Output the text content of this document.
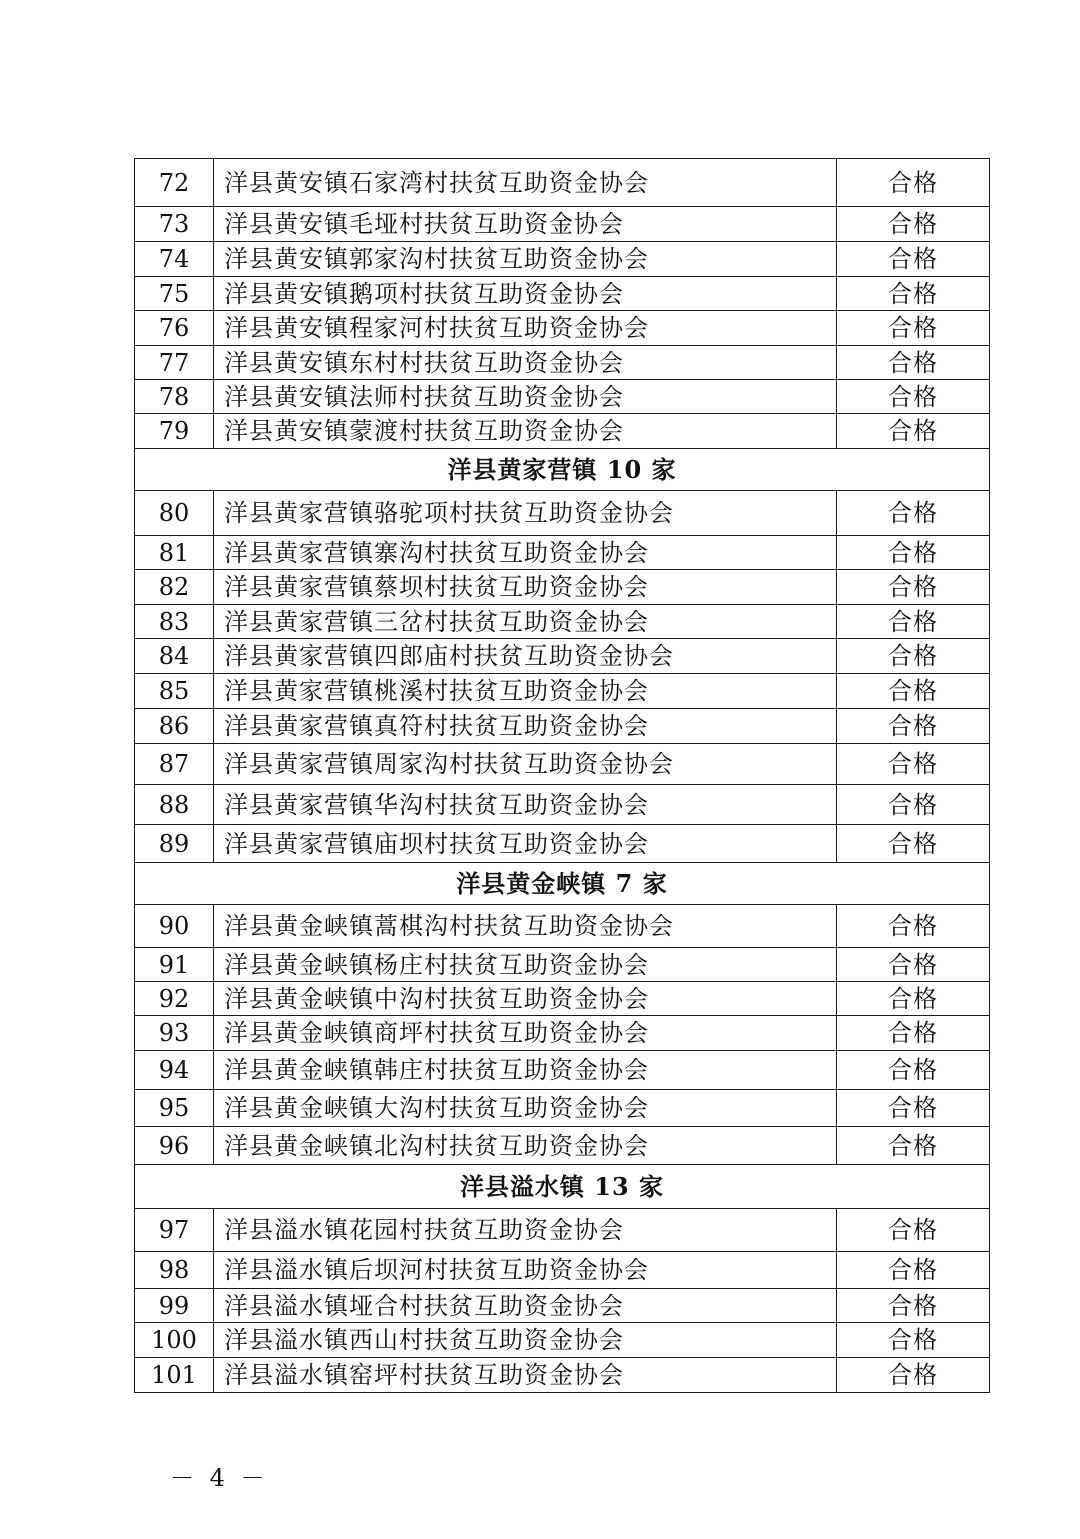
72	洋县黄安镇石家湾村扶贫互助资金协会	合格
73	洋县黄安镇毛垭村扶贫互助资金协会	合格
74	洋县黄安镇郭家沟村扶贫互助资金协会	合格
75	洋县黄安镇鹅项村扶贫互助资金协会	合格
76	洋县黄安镇程家河村扶贫互助资金协会	合格
77	洋县黄安镇东村村扶贫互助资金协会	合格
78	洋县黄安镇法师村扶贫互助资金协会	合格
79	洋县黄安镇蒙渡村扶贫互助资金协会	合格
洋县黄家营镇 10 家		
80	洋县黄家营镇骆驼项村扶贫互助资金协会	合格
81	洋县黄家营镇寨沟村扶贫互助资金协会	合格
82	洋县黄家营镇蔡坝村扶贫互助资金协会	合格
83	洋县黄家营镇三岔村扶贫互助资金协会	合格
84	洋县黄家营镇四郎庙村扶贫互助资金协会	合格
85	洋县黄家营镇桃溪村扶贫互助资金协会	合格
86	洋县黄家营镇真符村扶贫互助资金协会	合格
87	洋县黄家营镇周家沟村扶贫互助资金协会	合格
88	洋县黄家营镇华沟村扶贫互助资金协会	合格
89	洋县黄家营镇庙坝村扶贫互助资金协会	合格
洋县黄金峡镇 7 家		
90	洋县黄金峡镇蒿棋沟村扶贫互助资金协会	合格
91	洋县黄金峡镇杨庄村扶贫互助资金协会	合格
92	洋县黄金峡镇中沟村扶贫互助资金协会	合格
93	洋县黄金峡镇商坪村扶贫互助资金协会	合格
94	洋县黄金峡镇韩庄村扶贫互助资金协会	合格
95	洋县黄金峡镇大沟村扶贫互助资金协会	合格
96	洋县黄金峡镇北沟村扶贫互助资金协会	合格
洋县溢水镇 13 家		
97	洋县溢水镇花园村扶贫互助资金协会	合格
98	洋县溢水镇后坝河村扶贫互助资金协会	合格
99	洋县溢水镇垭合村扶贫互助资金协会	合格
100	洋县溢水镇西山村扶贫互助资金协会	合格
101	洋县溢水镇窑坪村扶贫互助资金协会	合格
－ 4 －
